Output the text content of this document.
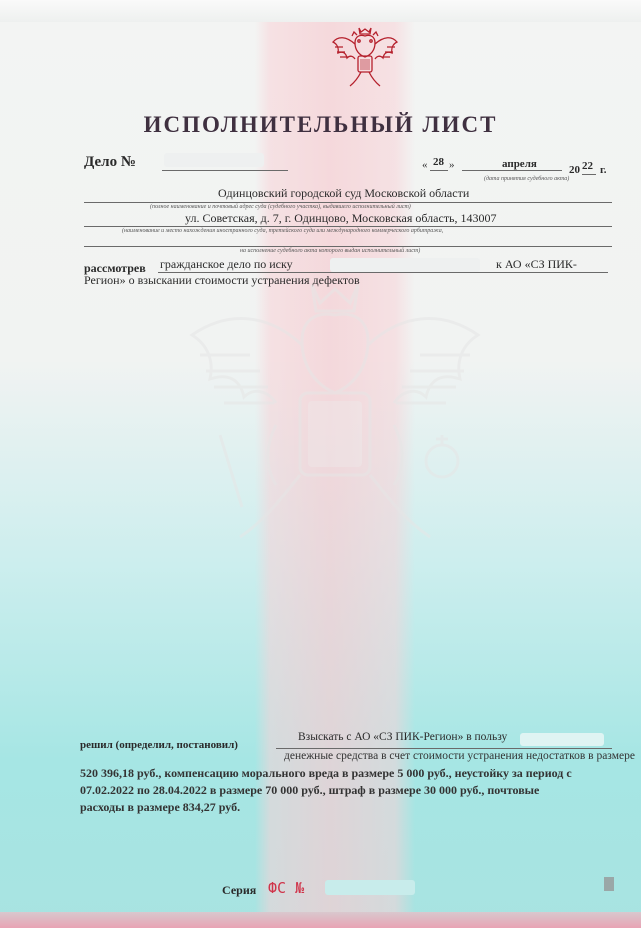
ИСПОЛНИТЕЛЬНЫЙ ЛИСТ
Дело №	« 28 »	апреля	20 22 г.
(дата принятия судебного акта)
Одинцовский городской суд Московской области
(полное наименование и почтовый адрес суда (судебного участка), выдавшего исполнительный лист)
ул. Советская, д. 7, г. Одинцово, Московская область, 143007
(наименование и место нахождения иностранного суда, третейского суда или международного коммерческого арбитража,
на исполнение судебного акта которого выдан исполнительный лист)
рассмотрев гражданское дело по иску	к АО «СЗ ПИК-
Регион» о взыскании стоимости устранения дефектов
решил (определил, постановил)
Взыскать с АО «СЗ ПИК-Регион» в пользу
денежные средства в счет стоимости устранения недостатков в размере
520 396,18 руб., компенсацию морального вреда в размере 5 000 руб., неустойку за период с
07.02.2022 по 28.04.2022 в размере 70 000 руб., штраф в размере 30 000 руб., почтовые
расходы в размере 834,27 руб.
Серия ФС №
